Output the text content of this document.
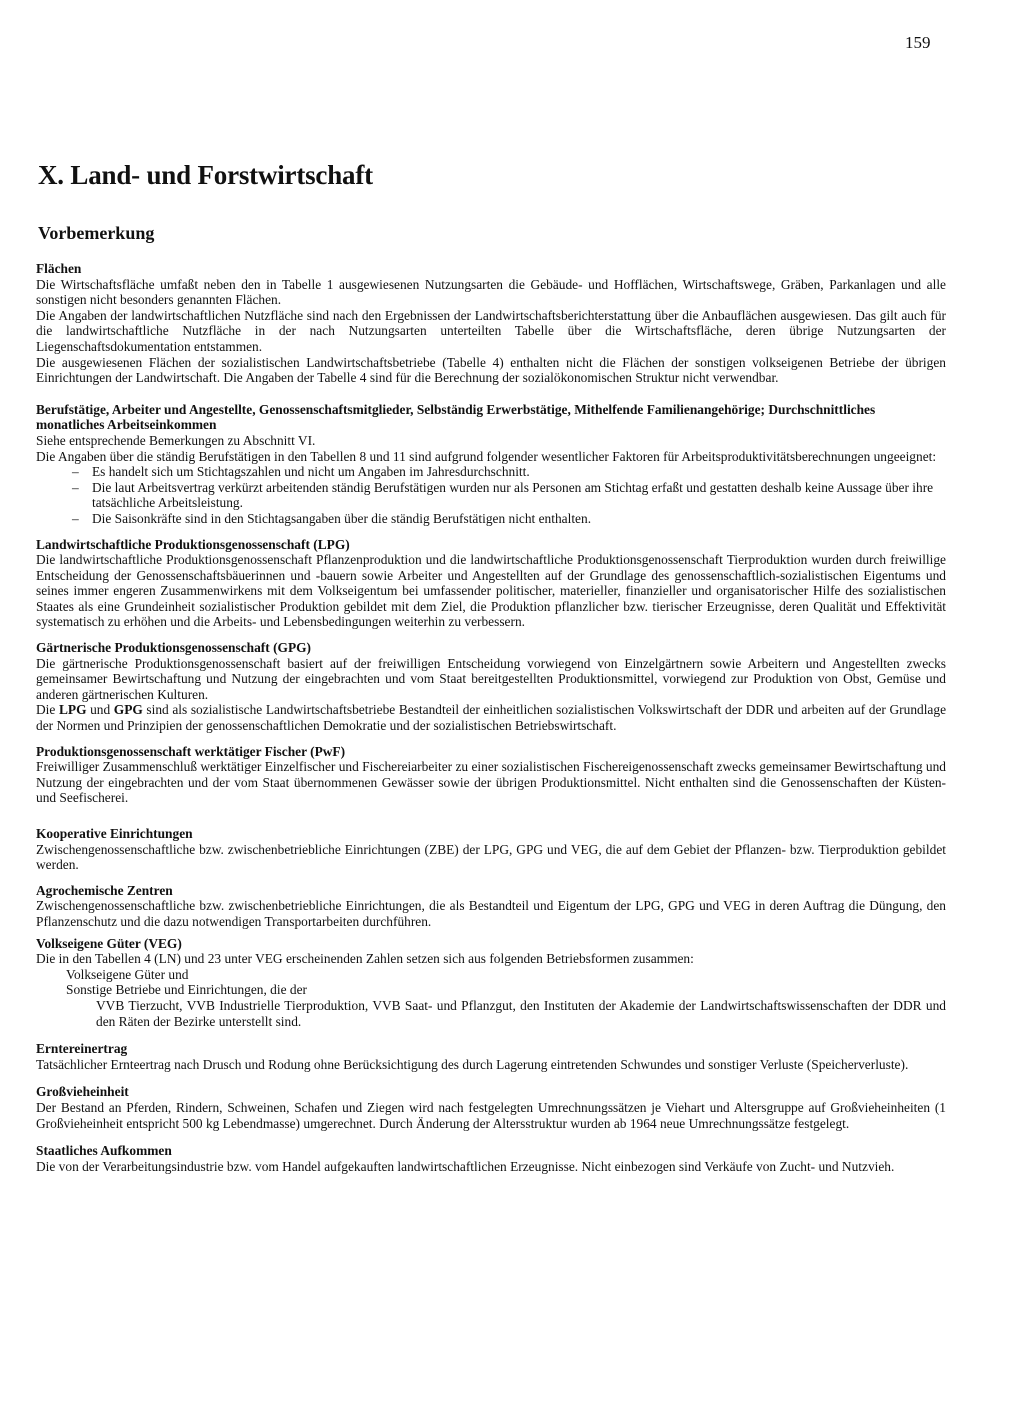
159
X. Land- und Forstwirtschaft
Vorbemerkung
Flächen

Die Wirtschaftsfläche umfaßt neben den in Tabelle 1 ausgewiesenen Nutzungsarten die Gebäude- und Hofflächen, Wirtschaftswege, Gräben, Parkanlagen und alle sonstigen nicht besonders genannten Flächen.

Die Angaben der landwirtschaftlichen Nutzfläche sind nach den Ergebnissen der Landwirtschaftsberichterstattung über die Anbauflächen ausgewiesen. Das gilt auch für die landwirtschaftliche Nutzfläche in der nach Nutzungsarten unterteilten Tabelle über die Wirtschaftsfläche, deren übrige Nutzungsarten der Liegenschaftsdokumentation entstammen.

Die ausgewiesenen Flächen der sozialistischen Landwirtschaftsbetriebe (Tabelle 4) enthalten nicht die Flächen der sonstigen volkseigenen Betriebe der übrigen Einrichtungen der Landwirtschaft. Die Angaben der Tabelle 4 sind für die Berechnung der sozialökonomischen Struktur nicht verwendbar.

Berufstätige, Arbeiter und Angestellte, Genossenschaftsmitglieder, Selbständig Erwerbstätige, Mithelfende Familienangehörige; Durchschnittliches monatliches Arbeitseinkommen

Siehe entsprechende Bemerkungen zu Abschnitt VI.

Die Angaben über die ständig Berufstätigen in den Tabellen 8 und 11 sind aufgrund folgender wesentlicher Faktoren für Arbeitsproduktivitätsberechnungen ungeeignet:

– Es handelt sich um Stichtagszahlen und nicht um Angaben im Jahresdurchschnitt.
– Die laut Arbeitsvertrag verkürzt arbeitenden ständig Berufstätigen wurden nur als Personen am Stichtag erfaßt und gestatten deshalb keine Aussage über ihre tatsächliche Arbeitsleistung.
– Die Saisonkräfte sind in den Stichtagsangaben über die ständig Berufstätigen nicht enthalten.
Landwirtschaftliche Produktionsgenossenschaft (LPG)

Die landwirtschaftliche Produktionsgenossenschaft Pflanzenproduktion und die landwirtschaftliche Produktionsgenossenschaft Tierproduktion wurden durch freiwillige Entscheidung der Genossenschaftsbäuerinnen und -bauern sowie Arbeiter und Angestellten auf der Grundlage des genossenschaftlich-sozialistischen Eigentums und seines immer engeren Zusammenwirkens mit dem Volkseigentum bei umfassender politischer, materieller, finanzieller und organisatorischer Hilfe des sozialistischen Staates als eine Grundeinheit sozialistischer Produktion gebildet mit dem Ziel, die Produktion pflanzlicher bzw. tierischer Erzeugnisse, deren Qualität und Effektivität systematisch zu erhöhen und die Arbeits- und Lebensbedingungen weiterhin zu verbessern.

Gärtnerische Produktionsgenossenschaft (GPG)

Die gärtnerische Produktionsgenossenschaft basiert auf der freiwilligen Entscheidung vorwiegend von Einzelgärtnern sowie Arbeitern und Angestellten zwecks gemeinsamer Bewirtschaftung und Nutzung der eingebrachten und vom Staat bereitgestellten Produktionsmittel, vorwiegend zur Produktion von Obst, Gemüse und anderen gärtnerischen Kulturen.

Die LPG und GPG sind als sozialistische Landwirtschaftsbetriebe Bestandteil der einheitlichen sozialistischen Volkswirtschaft der DDR und arbeiten auf der Grundlage der Normen und Prinzipien der genossenschaftlichen Demokratie und der sozialistischen Betriebswirtschaft.

Produktionsgenossenschaft werktätiger Fischer (PwF)

Freiwilliger Zusammenschluß werktätiger Einzelfischer und Fischereiarbeiter zu einer sozialistischen Fischereigenossenschaft zwecks gemeinsamer Bewirtschaftung und Nutzung der eingebrachten und der vom Staat übernommenen Gewässer sowie der übrigen Produktionsmittel. Nicht enthalten sind die Genossenschaften der Küsten- und Seefischerei.

Kooperative Einrichtungen

Zwischengenossenschaftliche bzw. zwischenbetriebliche Einrichtungen (ZBE) der LPG, GPG und VEG, die auf dem Gebiet der Pflanzen- bzw. Tierproduktion gebildet werden.

Agrochemische Zentren

Zwischengenossenschaftliche bzw. zwischenbetriebliche Einrichtungen, die als Bestandteil und Eigentum der LPG, GPG und VEG in deren Auftrag die Düngung, den Pflanzenschutz und die dazu notwendigen Transportarbeiten durchführen.

Volkseigene Güter (VEG)

Die in den Tabellen 4 (LN) und 23 unter VEG erscheinenden Zahlen setzen sich aus folgenden Betriebsformen zusammen:

Volkseigene Güter und

Sonstige Betriebe und Einrichtungen, die der

VVB Tierzucht, VVB Industrielle Tierproduktion, VVB Saat- und Pflanzgut, den Instituten der Akademie der Landwirtschaftswissenschaften der DDR und den Räten der Bezirke unterstellt sind.

Erntereinertrag

Tatsächlicher Ernteertrag nach Drusch und Rodung ohne Berücksichtigung des durch Lagerung eintretenden Schwundes und sonstiger Verluste (Speicherverluste).

Großvieheinheit

Der Bestand an Pferden, Rindern, Schweinen, Schafen und Ziegen wird nach festgelegten Umrechnungssätzen je Viehart und Altersgruppe auf Großvieheinheiten (1 Großvieheinheit entspricht 500 kg Lebendmasse) umgerechnet. Durch Änderung der Altersstruktur wurden ab 1964 neue Umrechnungssätze festgelegt.

Staatliches Aufkommen

Die von der Verarbeitungsindustrie bzw. vom Handel aufgekauften landwirtschaftlichen Erzeugnisse. Nicht einbezogen sind Verkäufe von Zucht- und Nutzvieh.
